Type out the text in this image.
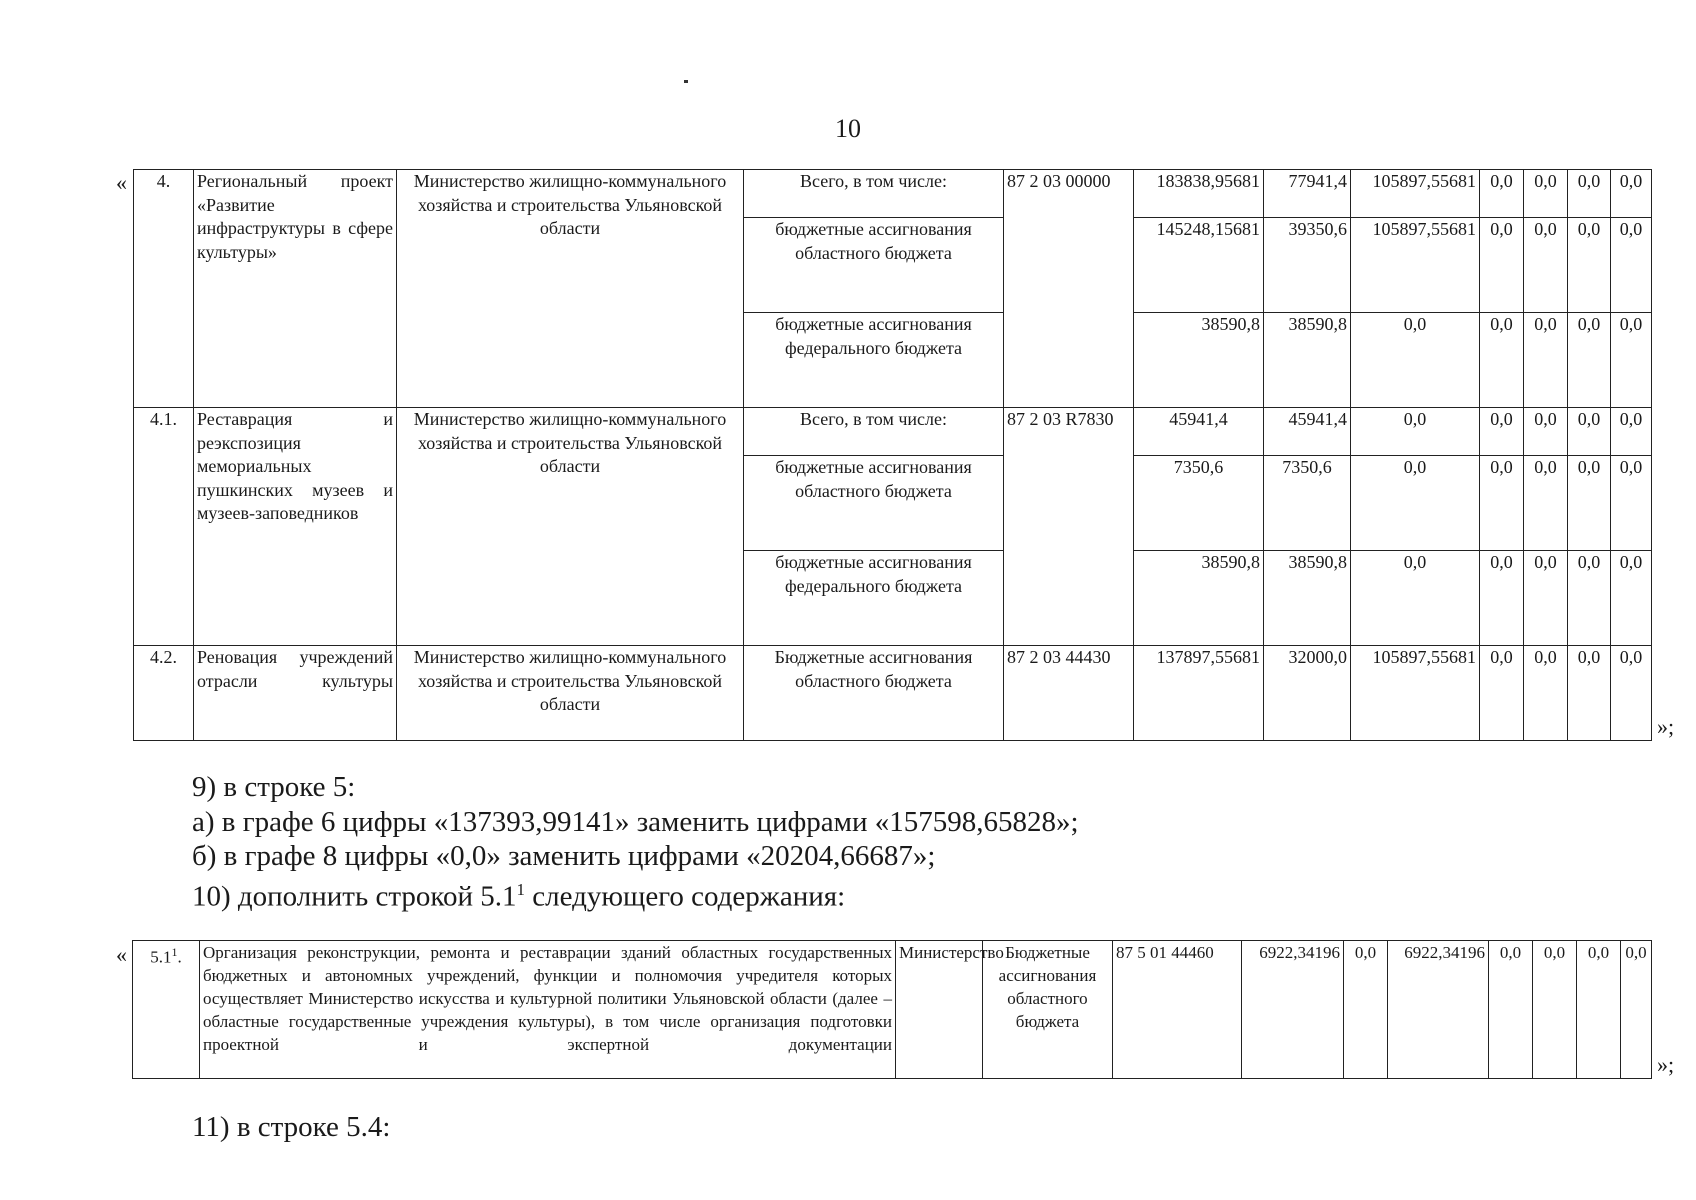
10
« 4.	Региональный проект «Развитие инфраструктуры в сфере культуры»	Министерство жилищно-коммунального хозяйства и строительства Ульяновской области	Всего, в том числе:	87 2 03 00000	183838,95681	77941,4	105897,55681	0,0	0,0	0,0	0,0
			бюджетные ассигнования областного бюджета		145248,15681	39350,6	105897,55681	0,0	0,0	0,0	0,0
			бюджетные ассигнования федерального бюджета		38590,8	38590,8	0,0	0,0	0,0	0,0	0,0
4.1.	Реставрация и реэкспозиция мемориальных пушкинских музеев и музеев-заповедников	Министерство жилищно-коммунального хозяйства и строительства Ульяновской области	Всего, в том числе:	87 2 03 R7830	45941,4	45941,4	0,0	0,0	0,0	0,0	0,0
			бюджетные ассигнования областного бюджета		7350,6	7350,6	0,0	0,0	0,0	0,0	0,0
			бюджетные ассигнования федерального бюджета		38590,8	38590,8	0,0	0,0	0,0	0,0	0,0
4.2.	Реновация учреждений отрасли культуры	Министерство жилищно-коммунального хозяйства и строительства Ульяновской области	Бюджетные ассигнования областного бюджета	87 2 03 44430	137897,55681	32000,0	105897,55681	0,0	0,0	0,0	0,0
»;
9) в строке 5:
а) в графе 6 цифры «137393,99141» заменить цифрами «157598,65828»;
б) в графе 8 цифры «0,0» заменить цифрами «20204,66687»;
10) дополнить строкой $5.1^1$ следующего содержания:
« $5.1^1$.	Организация реконструкции, ремонта и реставрации зданий областных государственных бюджетных и автономных учреждений, функции и полномочия учредителя которых осуществляет Министерство искусства и культурной политики Ульяновской области (далее – областные государственные учреждения культуры), в том числе организация подготовки проектной и экспертной документации	Министерство	Бюджетные ассигнования областного бюджета	87 5 01 44460	6922,34196	0,0	6922,34196	0,0	0,0	0,0	0,0
»;
11) в строке 5.4:
